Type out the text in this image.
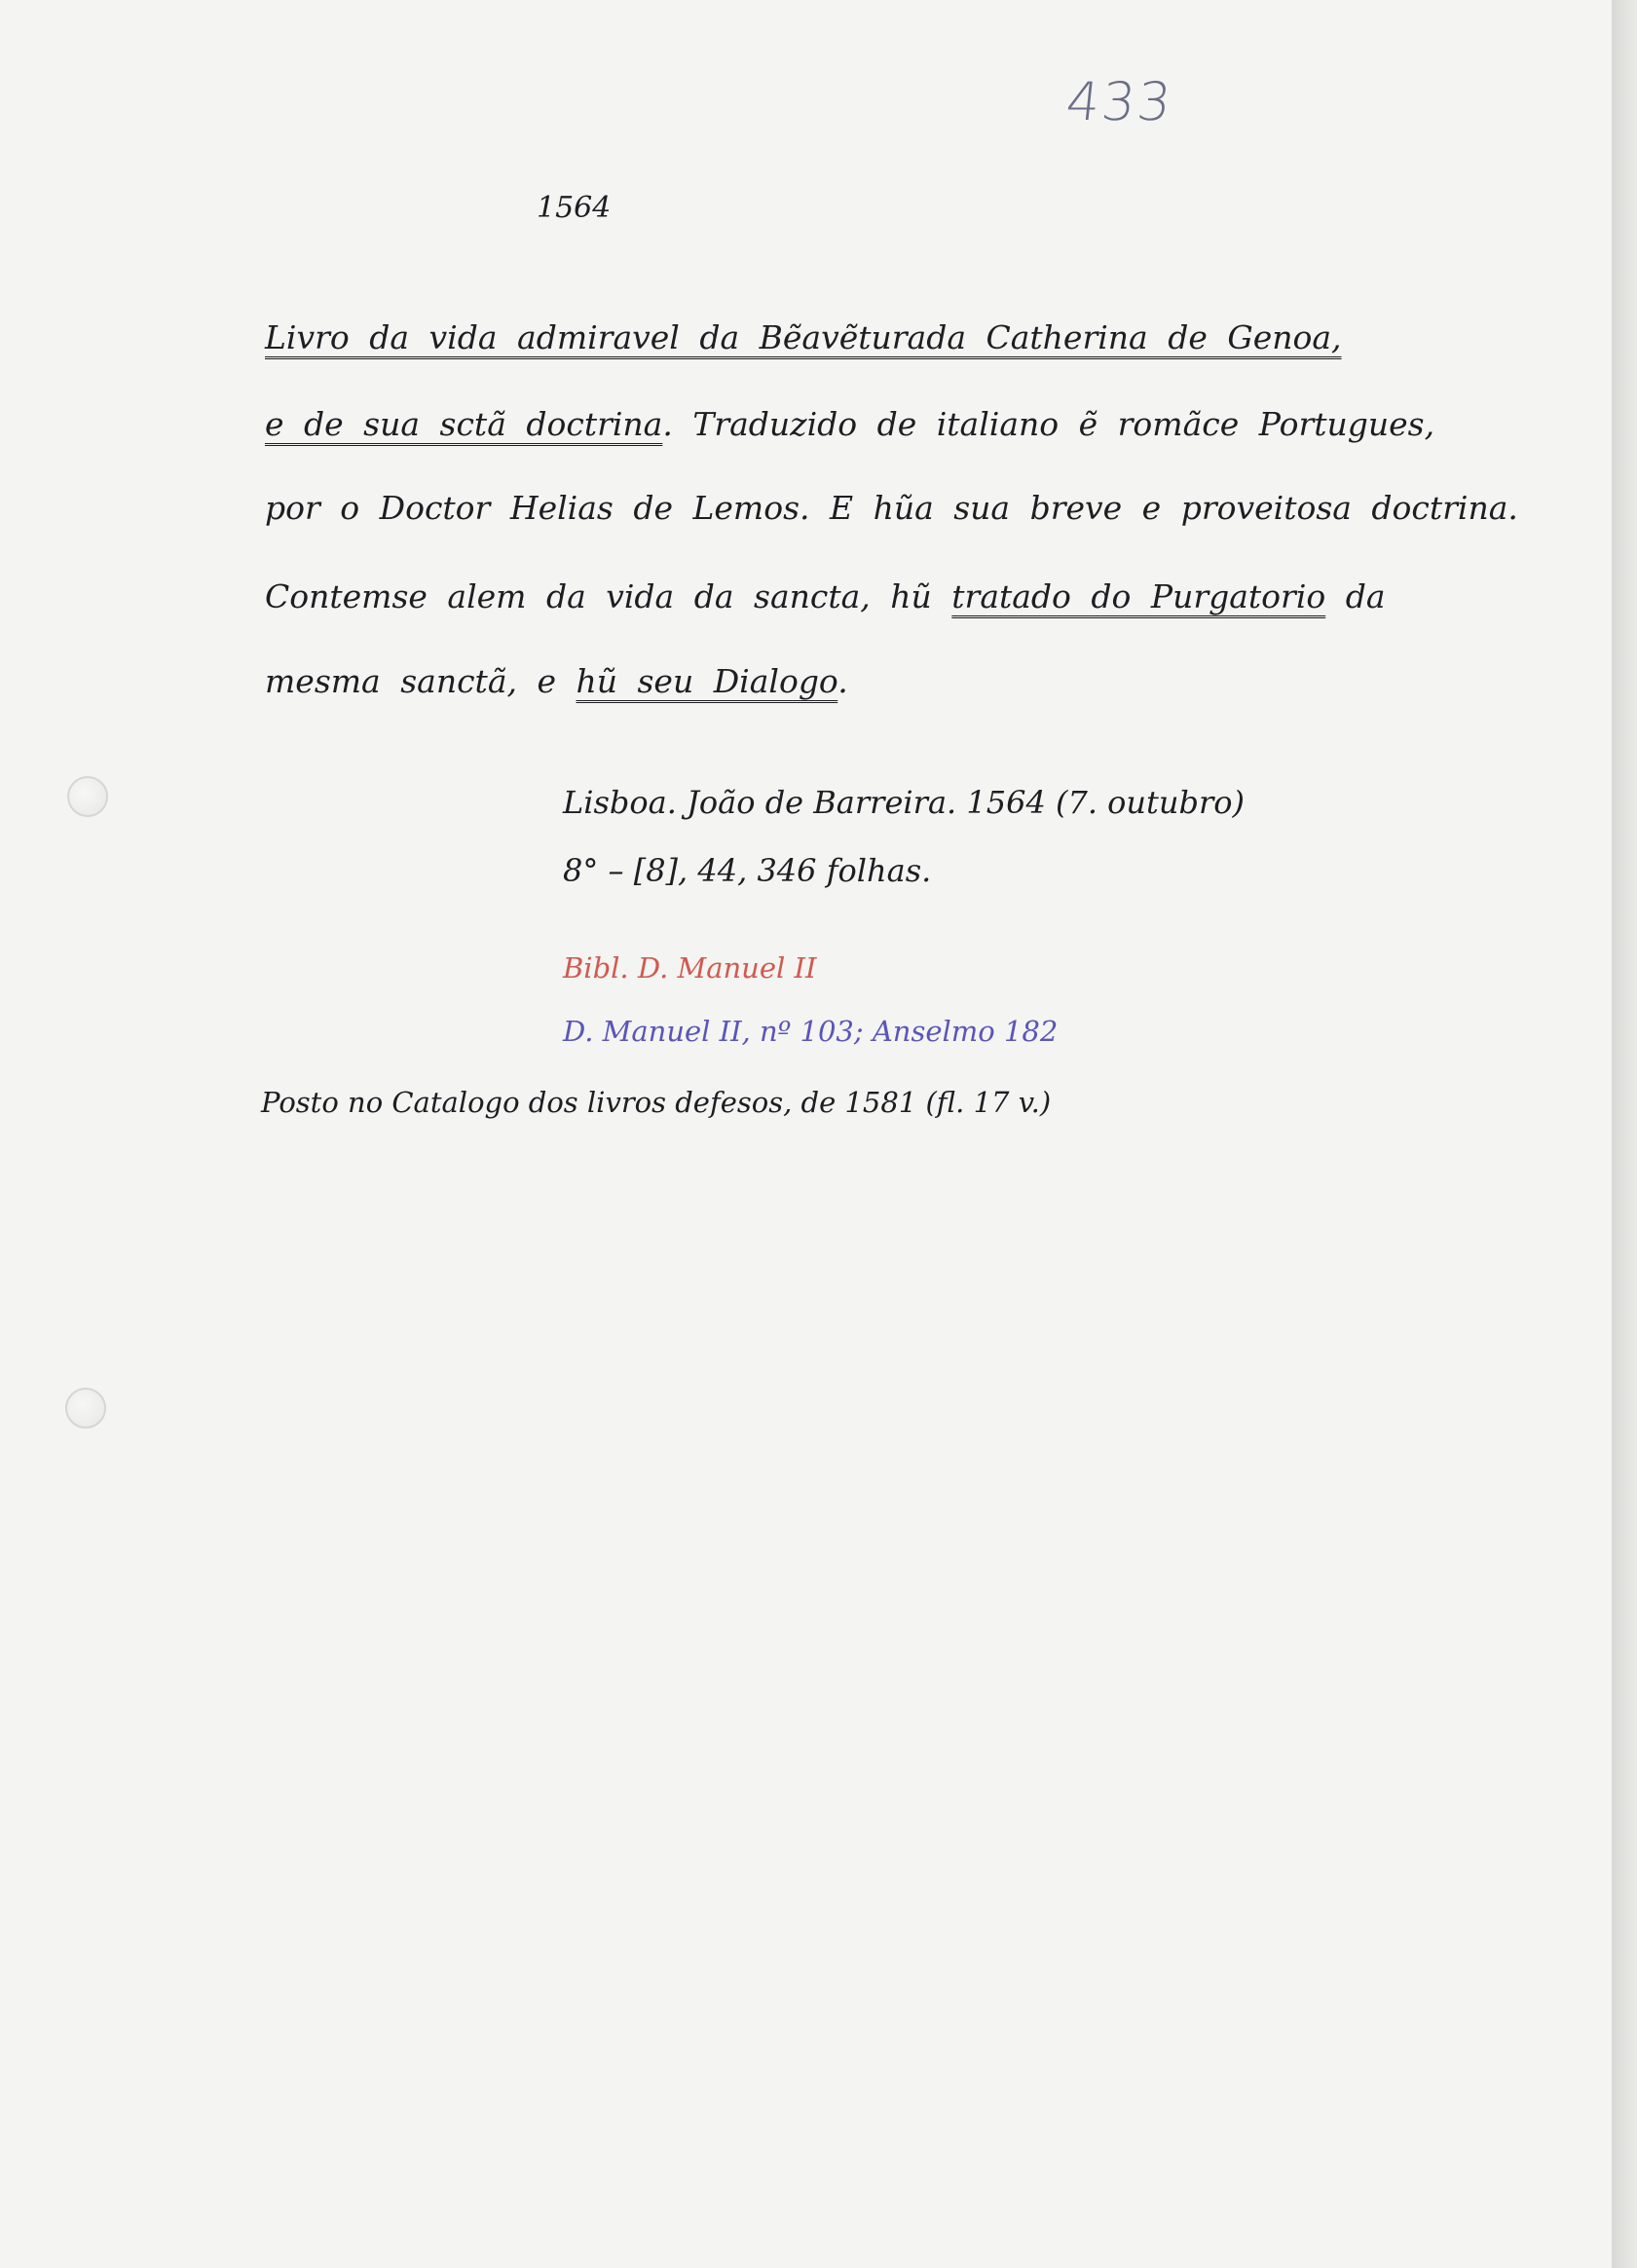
433
1564
Livro da vida admiravel da Bẽavẽturada Catherina de Genoa,
e de sua sctã doctrina. Traduzido de italiano ẽ romãce Portugues,
por o Doctor Helias de Lemos. E hũa sua breve e proveitosa doctrina.
Contemse alem da vida da sancta, hũ tratado do Purgatorio da
mesma sanctã, e hũ seu Dialogo.
Lisboa. João de Barreira. 1564 (7. outubro)
8° – [8], 44, 346 folhas.
Bibl. D. Manuel II
D. Manuel II, nº 103; Anselmo 182
Posto no Catalogo dos livros defesos, de 1581 (fl. 17 v.)
